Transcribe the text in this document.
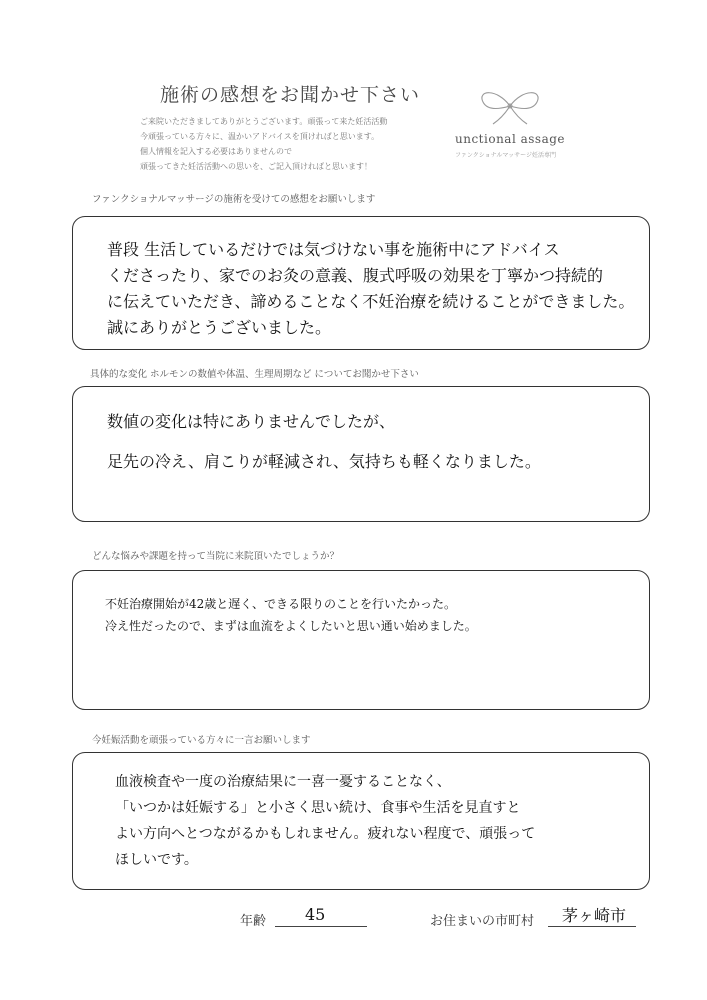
施術の感想をお聞かせ下さい
ご来院いただきましてありがとうございます。頑張って来た妊活活動
今頑張っている方々に、温かいアドバイスを頂ければと思います。
個人情報を記入する必要はありませんので
頑張ってきた妊活活動への思いを、ご記入頂ければと思います！
unctional assage
ファンクショナルマッサージ妊活専門
ファンクショナルマッサージの施術を受けての感想をお願いします
普段 生活しているだけでは気づけない事を施術中にアドバイス
くださったり、家でのお灸の意義、腹式呼吸の効果を丁寧かつ持続的
に伝えていただき、諦めることなく不妊治療を続けることができました。
誠にありがとうございました。
具体的な変化 ホルモンの数値や体温、生理周期など についてお聞かせ下さい
数値の変化は特にありませんでしたが、
足先の冷え、肩こりが軽減され、気持ちも軽くなりました。
どんな悩みや課題を持って当院に来院頂いたでしょうか？
不妊治療開始が42歳と遅く、できる限りのことを行いたかった。
冷え性だったので、まずは血流をよくしたいと思い通い始めました。
今妊娠活動を頑張っている方々に一言お願いします
血液検査や一度の治療結果に一喜一憂することなく、
「いつかは妊娠する」と小さく思い続け、食事や生活を見直すと
よい方向へとつながるかもしれません。疲れない程度で、頑張って
ほしいです。
年齢 45	お住まいの市町村 茅ヶ崎市
